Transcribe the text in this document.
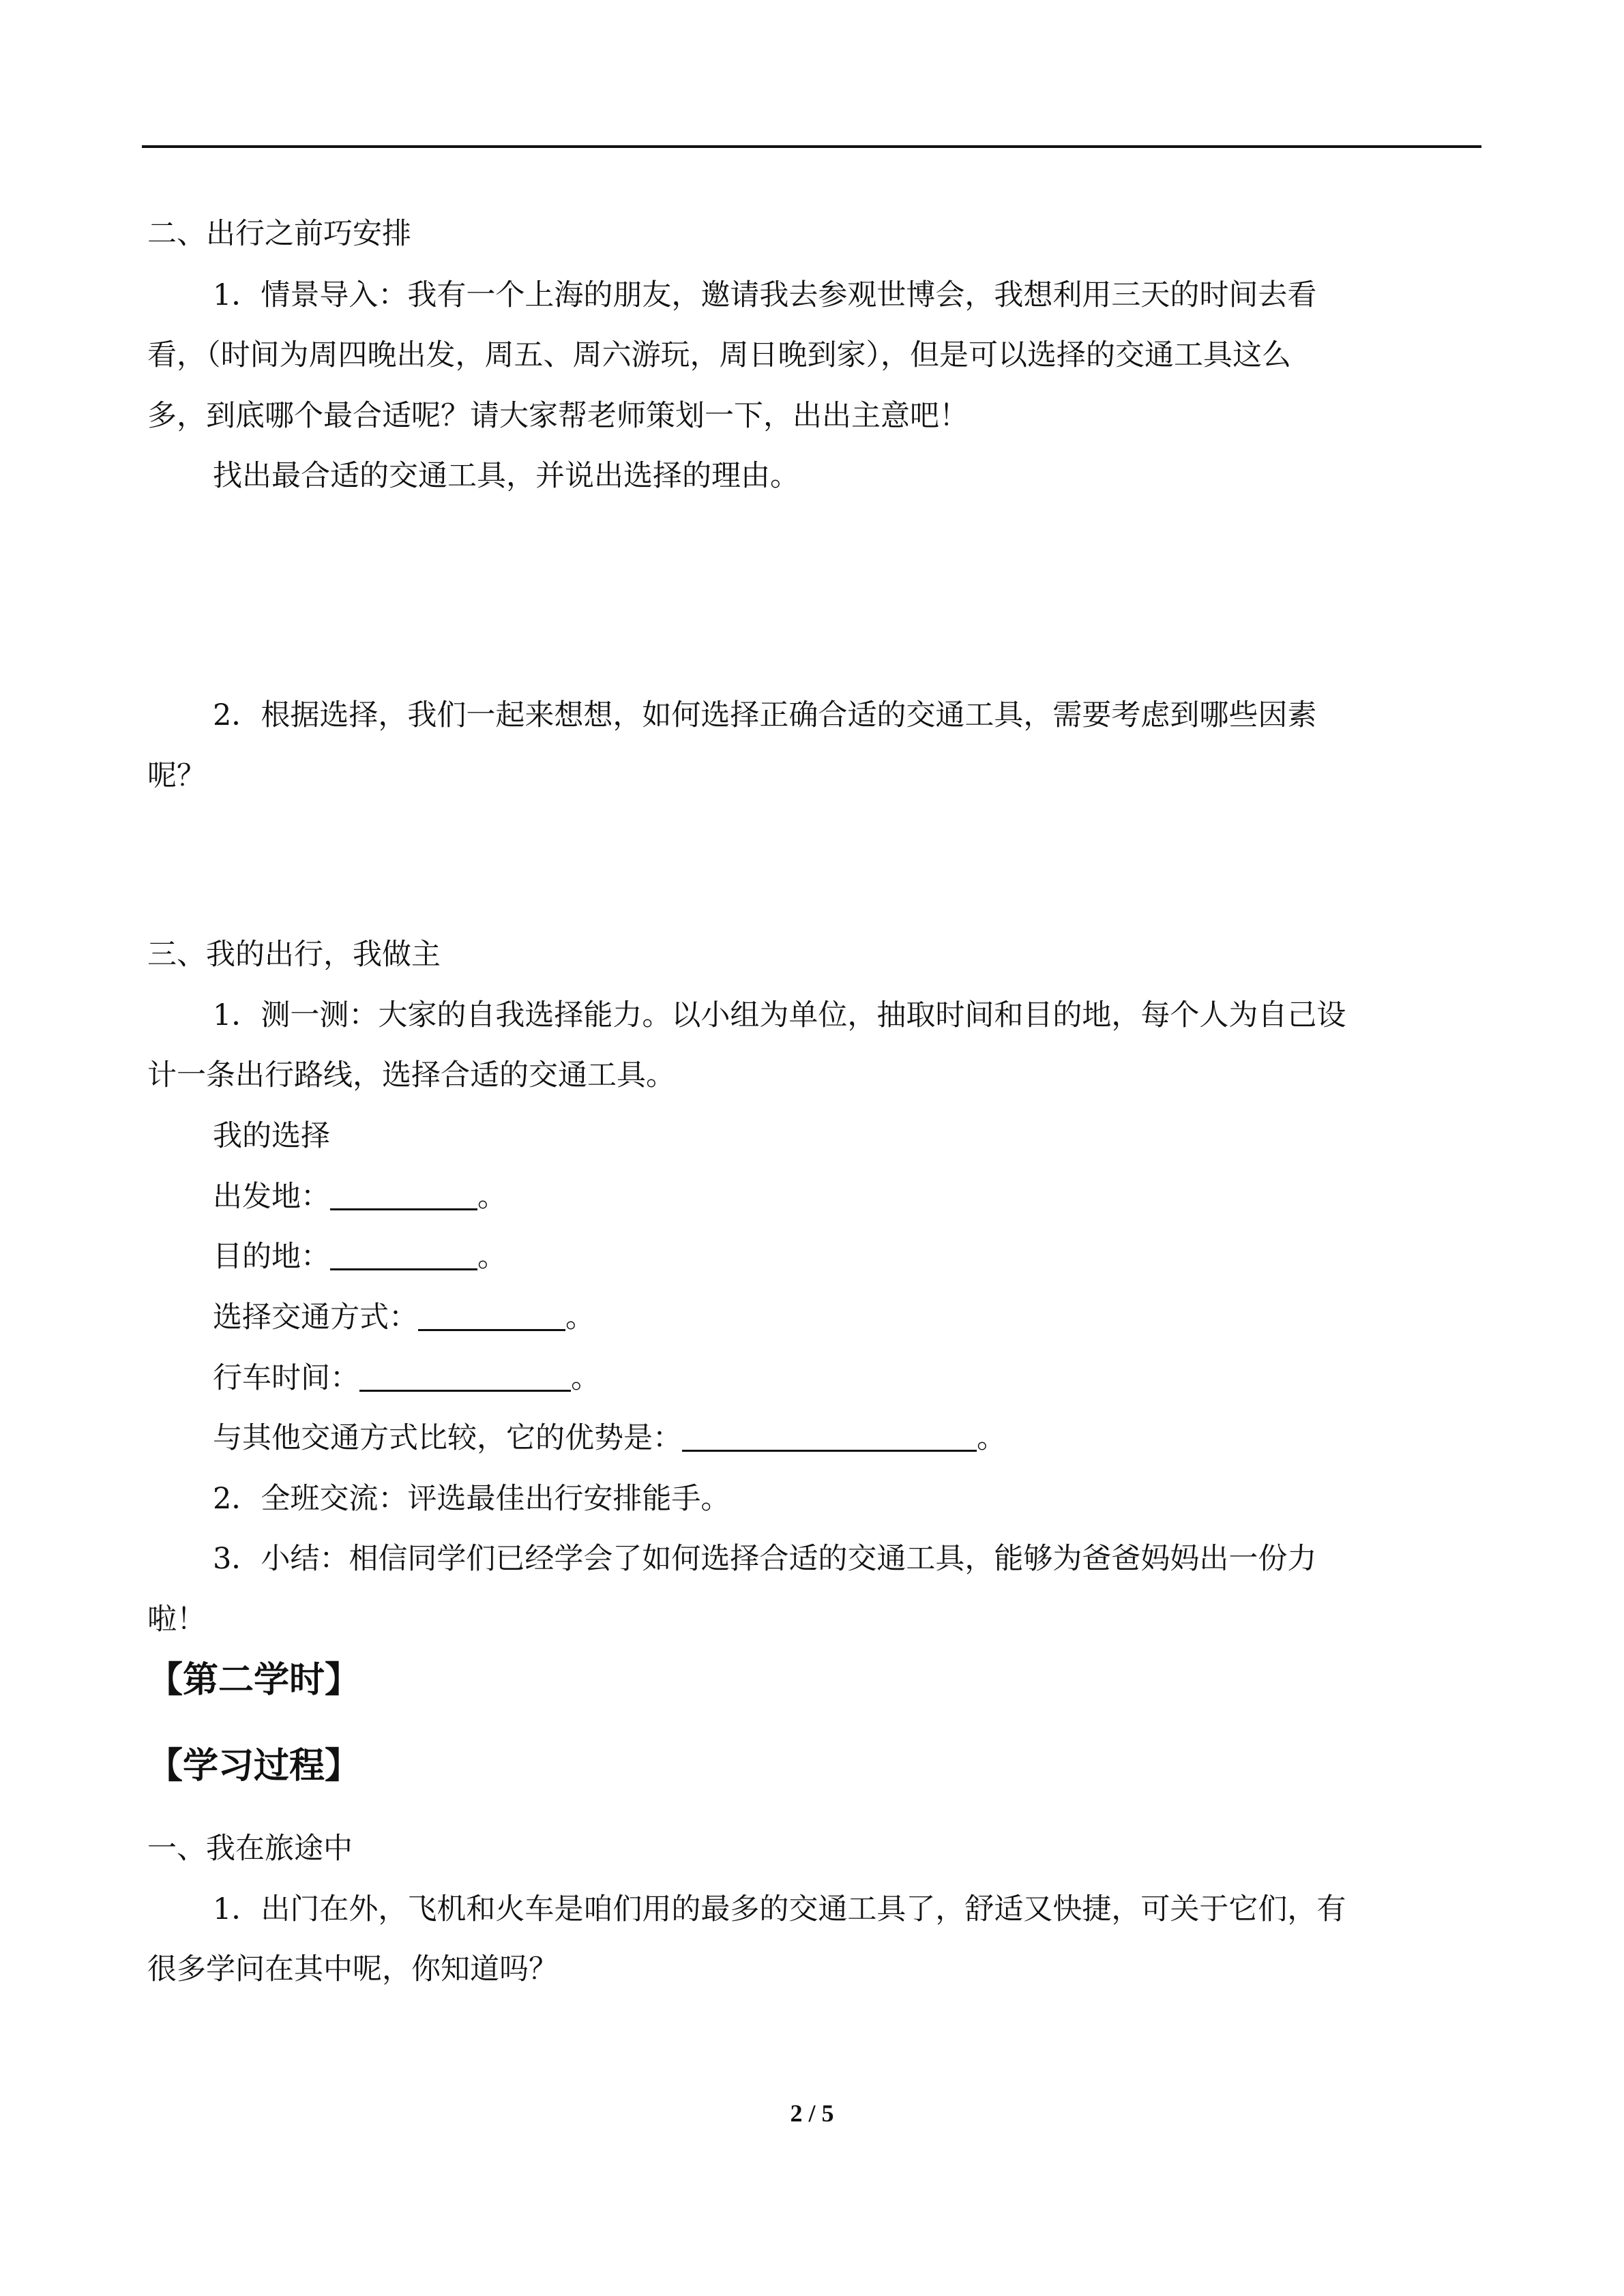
二、出行之前巧安排
1．情景导入：我有一个上海的朋友，邀请我去参观世博会，我想利用三天的时间去看
看，（时间为周四晚出发，周五、周六游玩，周日晚到家），但是可以选择的交通工具这么
多，到底哪个最合适呢？请大家帮老师策划一下，出出主意吧！
找出最合适的交通工具，并说出选择的理由。
2．根据选择，我们一起来想想，如何选择正确合适的交通工具，需要考虑到哪些因素
呢？
三、我的出行，我做主
1．测一测：大家的自我选择能力。以小组为单位，抽取时间和目的地，每个人为自己设
计一条出行路线，选择合适的交通工具。
我的选择
出发地：	。
目的地：	。
选择交通方式：	。
行车时间：	。
与其他交通方式比较，它的优势是：	。
2．全班交流：评选最佳出行安排能手。
3．小结：相信同学们已经学会了如何选择合适的交通工具，能够为爸爸妈妈出一份力
啦！
【第二学时】
【学习过程】
一、我在旅途中
1．出门在外，飞机和火车是咱们用的最多的交通工具了，舒适又快捷，可关于它们，有
很多学问在其中呢，你知道吗？
2 / 5
